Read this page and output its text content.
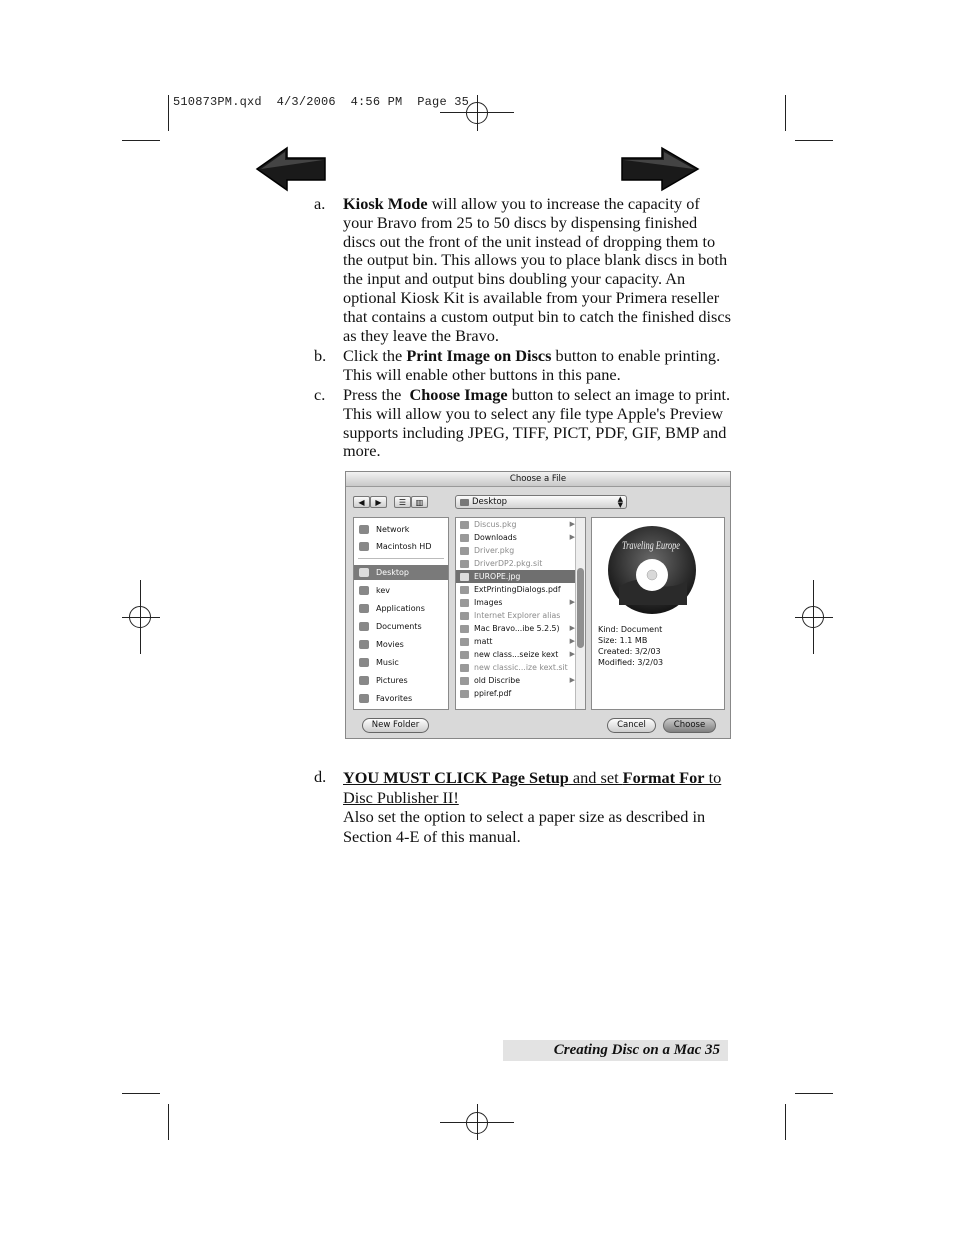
510873PM.qxd  4/3/2006  4:56 PM  Page 35
a. Kiosk Mode will allow you to increase the capacity of your Bravo from 25 to 50 discs by dispensing finished discs out the front of the unit instead of dropping them to the output bin. This allows you to place blank discs in both the input and output bins doubling your capacity. An optional Kiosk Kit is available from your Primera reseller that contains a custom output bin to catch the finished discs as they leave the Bravo.
b. Click the Print Image on Discs button to enable printing. This will enable other buttons in this pane.
c. Press the  Choose Image button to select an image to print. This will allow you to select any file type Apple's Preview supports including JPEG, TIFF, PICT, PDF, GIF, BMP and more.
Choose a File
◀	▶	☰	▥	Desktop	▲
▼
Network
Macintosh HD
Desktop
kev
Applications
Documents
Movies
Music
Pictures
Favorites
Discus.pkg	▶
Downloads	▶
Driver.pkg
DriverDP2.pkg.sit
EUROPE.jpg
ExtPrintingDialogs.pdf
Images	▶
Internet Explorer alias
Mac Bravo...ibe 5.2.5) ▶
matt	▶
new class...seize kext ▶
new classic...ize kext.sit
old Discribe	▶
ppiref.pdf
Traveling Europe
Kind: Document
Size: 1.1 MB
Created: 3/2/03
Modified: 3/2/03
New Folder	Cancel	Choose
d. YOU MUST CLICK Page Setup and set Format For to
Disc Publisher II!
Also set the option to select a paper size as described in Section 4-E of this manual.
Creating Disc on a Mac 35
